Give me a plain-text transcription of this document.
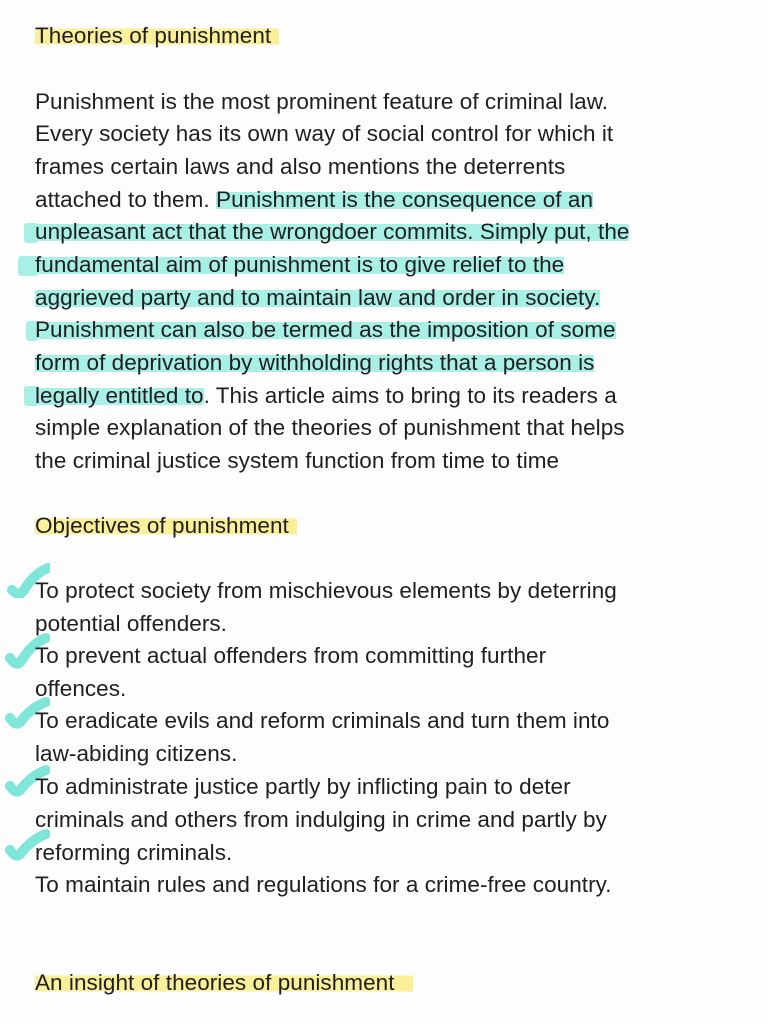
Theories of punishment
Punishment is the most prominent feature of criminal law.
Every society has its own way of social control for which it
frames certain laws and also mentions the deterrents
attached to them. Punishment is the consequence of an
unpleasant act that the wrongdoer commits. Simply put, the
fundamental aim of punishment is to give relief to the
aggrieved party and to maintain law and order in society.
Punishment can also be termed as the imposition of some
form of deprivation by withholding rights that a person is
legally entitled to. This article aims to bring to its readers a
simple explanation of the theories of punishment that helps
the criminal justice system function from time to time
Objectives of punishment
To protect society from mischievous elements by deterring
potential offenders.
To prevent actual offenders from committing further
offences.
To eradicate evils and reform criminals and turn them into
law-abiding citizens.
To administrate justice partly by inflicting pain to deter
criminals and others from indulging in crime and partly by
reforming criminals.
To maintain rules and regulations for a crime-free country.
An insight of theories of punishment
